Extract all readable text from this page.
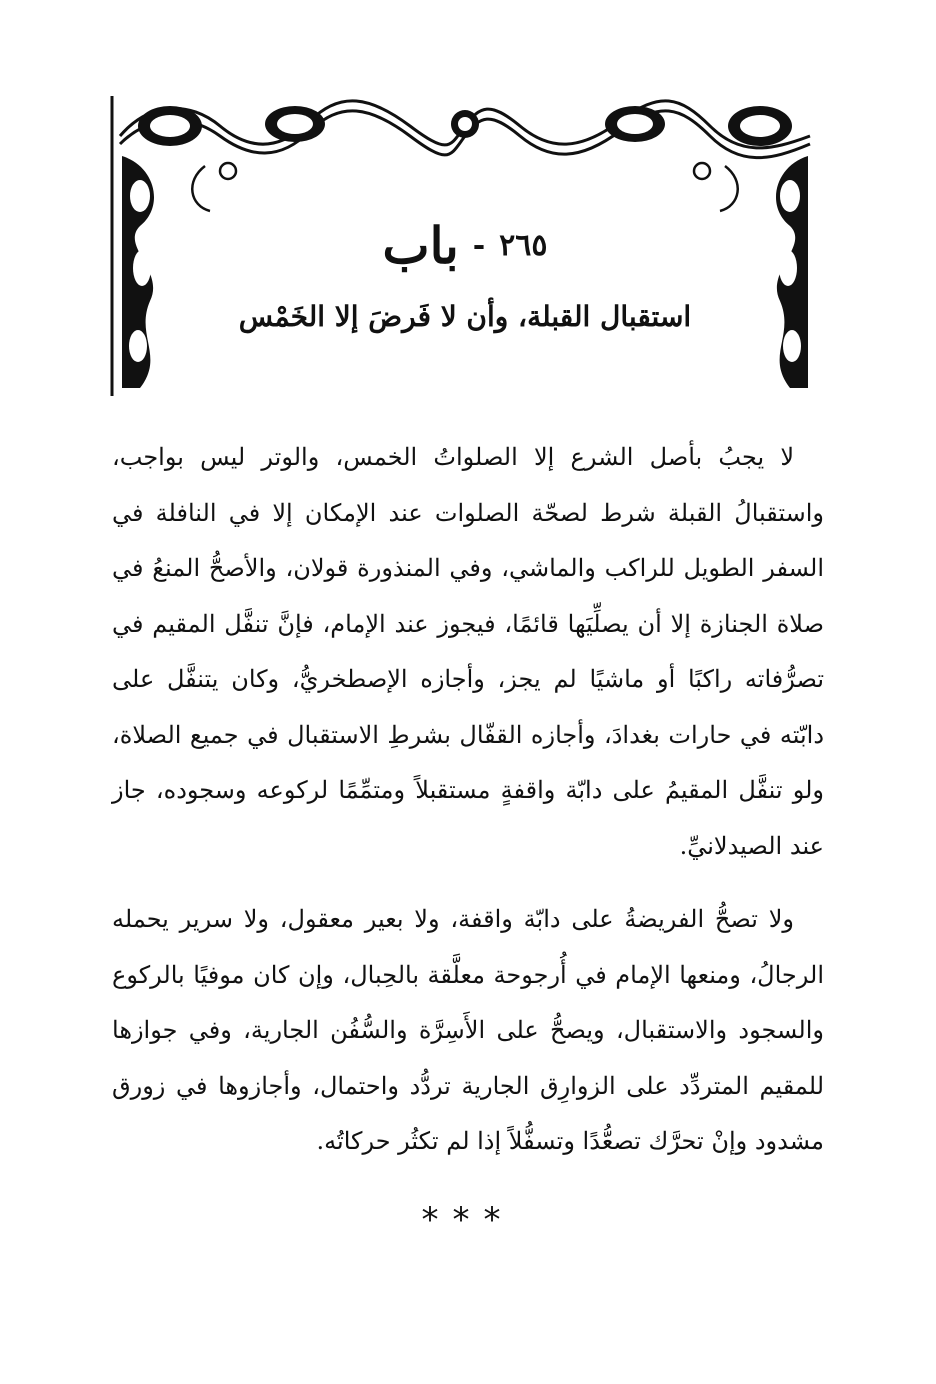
٢٦٥ - باب
استقبال القبلة، وأن لا فَرضَ إلا الخَمْس

لا يجبُ بأصل الشرع إلا الصلواتُ الخمس، والوتر ليس بواجب، واستقبالُ القبلة شرط لصحّة الصلوات عند الإمكان إلا في النافلة في السفر الطويل للراكب والماشي، وفي المنذورة قولان، والأصحُّ المنعُ في صلاة الجنازة إلا أن يصلِّيَها قائمًا، فيجوز عند الإمام، فإنَّ تنفَّل المقيم في تصرُّفاته راكبًا أو ماشيًا لم يجز، وأجازه الإصطخريُّ، وكان يتنفَّل على دابّته في حارات بغدادَ، وأجازه القفّال بشرطِ الاستقبال في جميع الصلاة، ولو تنفَّل المقيمُ على دابّة واقفةٍ مستقبلاً ومتمِّمًا لركوعه وسجوده، جاز عند الصيدلانيِّ.

ولا تصحُّ الفريضةُ على دابّة واقفة، ولا بعير معقول، ولا سرير يحمله الرجالُ، ومنعها الإمام في أُرجوحة معلَّقة بالحِبال، وإن كان موفيًا بالركوع والسجود والاستقبال، ويصحُّ على الأَسِرَّة والسُّفُن الجارية، وفي جوازها للمقيم المتردِّد على الزوارِق الجارية تردُّد واحتمال، وأجازوها في زورق مشدود وإنْ تحرَّك تصعُّدًا وتسفُّلاً إذا لم تكثُر حركاتُه.

***
